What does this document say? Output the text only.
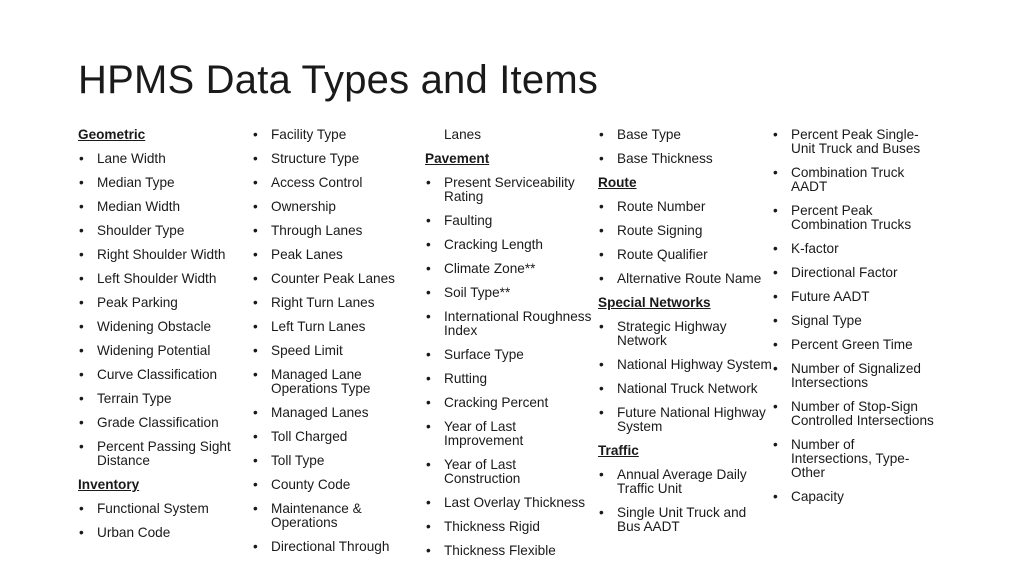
HPMS Data Types and Items
Geometric
• Lane Width
• Median Type
• Median Width
• Shoulder Type
• Right Shoulder Width
• Left Shoulder Width
• Peak Parking
• Widening Obstacle
• Widening Potential
• Curve Classification
• Terrain Type
• Grade Classification
• Percent Passing Sight Distance
Inventory
• Functional System
• Urban Code
• Facility Type
• Structure Type
• Access Control
• Ownership
• Through Lanes
• Peak Lanes
• Counter Peak Lanes
• Right Turn Lanes
• Left Turn Lanes
• Speed Limit
• Managed Lane Operations Type
• Managed Lanes
• Toll Charged
• Toll Type
• County Code
• Maintenance & Operations
• Directional Through
Lanes
Pavement
• Present Serviceability Rating
• Faulting
• Cracking Length
• Climate Zone**
• Soil Type**
• International Roughness Index
• Surface Type
• Rutting
• Cracking Percent
• Year of Last Improvement
• Year of Last Construction
• Last Overlay Thickness
• Thickness Rigid
• Thickness Flexible
• Base Type
• Base Thickness
Route
• Route Number
• Route Signing
• Route Qualifier
• Alternative Route Name
Special Networks
• Strategic Highway Network
• National Highway System
• National Truck Network
• Future National Highway System
Traffic
• Annual Average Daily Traffic Unit
• Single Unit Truck and Bus AADT
• Percent Peak Single-Unit Truck and Buses
• Combination Truck AADT
• Percent Peak Combination Trucks
• K-factor
• Directional Factor
• Future AADT
• Signal Type
• Percent Green Time
• Number of Signalized Intersections
• Number of Stop-Sign Controlled Intersections
• Number of Intersections, Type-Other
• Capacity
